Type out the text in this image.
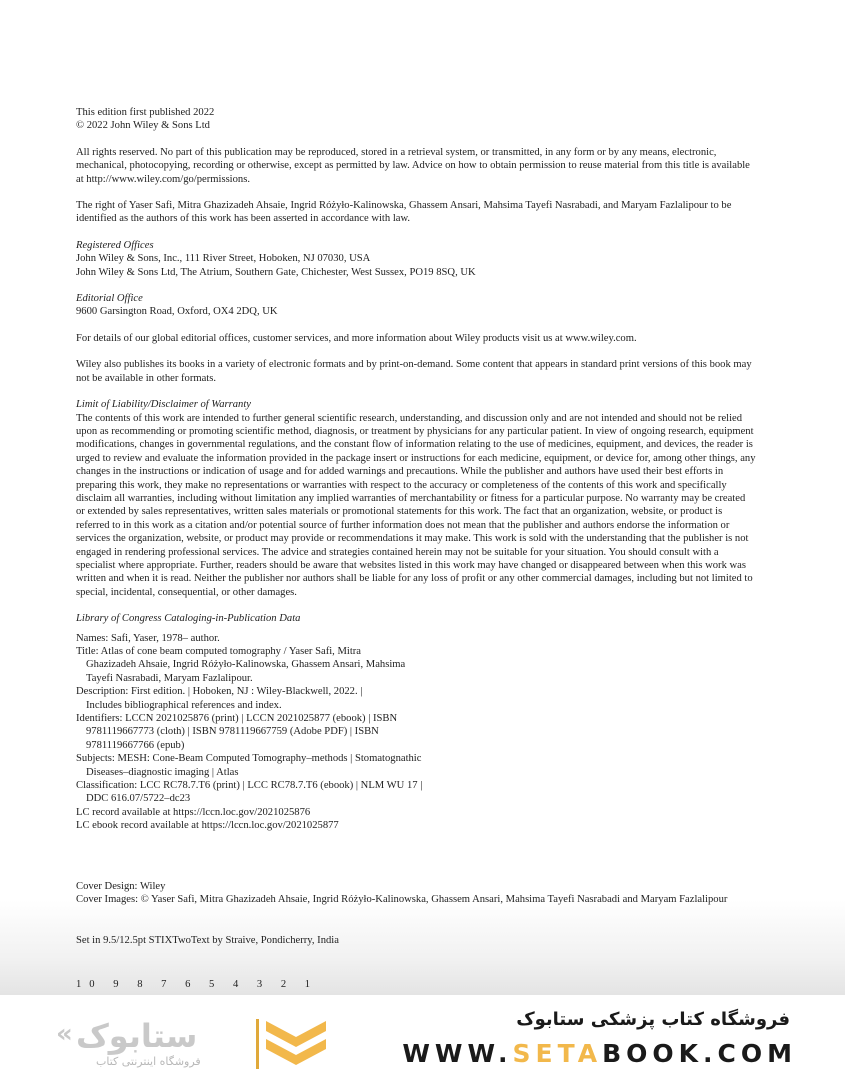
This edition first published 2022
© 2022 John Wiley & Sons Ltd

All rights reserved. No part of this publication may be reproduced, stored in a retrieval system, or transmitted, in any form or by any means, electronic, mechanical, photocopying, recording or otherwise, except as permitted by law. Advice on how to obtain permission to reuse material from this title is available at http://www.wiley.com/go/permissions.

The right of Yaser Safi, Mitra Ghazizadeh Ahsaie, Ingrid Różyło-Kalinowska, Ghassem Ansari, Mahsima Tayefi Nasrabadi, and Maryam Fazlalipour to be identified as the authors of this work has been asserted in accordance with law.

Registered Offices
John Wiley & Sons, Inc., 111 River Street, Hoboken, NJ 07030, USA
John Wiley & Sons Ltd, The Atrium, Southern Gate, Chichester, West Sussex, PO19 8SQ, UK

Editorial Office
9600 Garsington Road, Oxford, OX4 2DQ, UK

For details of our global editorial offices, customer services, and more information about Wiley products visit us at www.wiley.com.

Wiley also publishes its books in a variety of electronic formats and by print-on-demand. Some content that appears in standard print versions of this book may not be available in other formats.

Limit of Liability/Disclaimer of Warranty
The contents of this work are intended to further general scientific research, understanding, and discussion only and are not intended and should not be relied upon as recommending or promoting scientific method, diagnosis, or treatment by physicians for any particular patient. In view of ongoing research, equipment modifications, changes in governmental regulations, and the constant flow of information relating to the use of medicines, equipment, and devices, the reader is urged to review and evaluate the information provided in the package insert or instructions for each medicine, equipment, or device for, among other things, any changes in the instructions or indication of usage and for added warnings and precautions. While the publisher and authors have used their best efforts in preparing this work, they make no representations or warranties with respect to the accuracy or completeness of the contents of this work and specifically disclaim all warranties, including without limitation any implied warranties of merchantability or fitness for a particular purpose. No warranty may be created or extended by sales representatives, written sales materials or promotional statements for this work. The fact that an organization, website, or product is referred to in this work as a citation and/or potential source of further information does not mean that the publisher and authors endorse the information or services the organization, website, or product may provide or recommendations it may make. This work is sold with the understanding that the publisher is not engaged in rendering professional services. The advice and strategies contained herein may not be suitable for your situation. You should consult with a specialist where appropriate. Further, readers should be aware that websites listed in this work may have changed or disappeared between when this work was written and when it is read. Neither the publisher nor authors shall be liable for any loss of profit or any other commercial damages, including but not limited to special, incidental, consequential, or other damages.

Library of Congress Cataloging-in-Publication Data
Names: Safi, Yaser, 1978– author.
Title: Atlas of cone beam computed tomography / Yaser Safi, Mitra
Ghazizadeh Ahsaie, Ingrid Różyło-Kalinowska, Ghassem Ansari, Mahsima
Tayefi Nasrabadi, Maryam Fazlalipour.
Description: First edition. | Hoboken, NJ : Wiley-Blackwell, 2022. |
Includes bibliographical references and index.
Identifiers: LCCN 2021025876 (print) | LCCN 2021025877 (ebook) | ISBN
9781119667773 (cloth) | ISBN 9781119667759 (Adobe PDF) | ISBN
9781119667766 (epub)
Subjects: MESH: Cone-Beam Computed Tomography–methods | Stomatognathic
Diseases–diagnostic imaging | Atlas
Classification: LCC RC78.7.T6 (print) | LCC RC78.7.T6 (ebook) | NLM WU 17 |
DDC 616.07/5722–dc23
LC record available at https://lccn.loc.gov/2021025876
LC ebook record available at https://lccn.loc.gov/2021025877
Cover Design: Wiley
Cover Images: © Yaser Safi, Mitra Ghazizadeh Ahsaie, Ingrid Różyło-Kalinowska, Ghassem Ansari, Mahsima Tayefi Nasrabadi and Maryam Fazlalipour
Set in 9.5/12.5pt STIXTwoText by Straive, Pondicherry, India
10 9 8 7 6 5 4 3 2 1
« ستابوک
فروشگاه اینترنتی کتاب
فروشگاه کتاب پزشکی ستابوک
WWW.SETABOOK.COM
